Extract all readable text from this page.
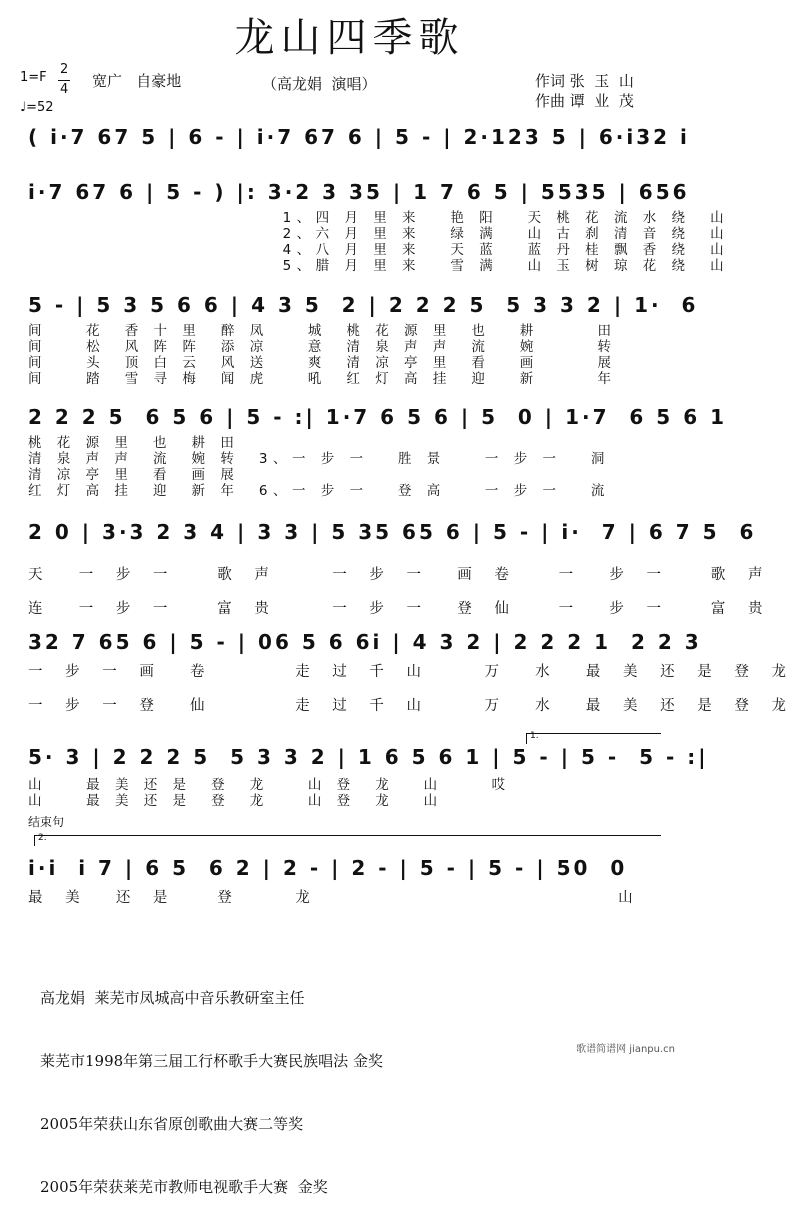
龙山四季歌
1=F
2
4
♩=52
宽广   自豪地	（高龙娟  演唱）	作词 张  玉  山
作曲 谭  业  茂
( i·7 67 5 | 6 - | i·7 67 6 | 5 - | 2·123 5 | 6·i32 i
i·7 67 6 | 5 - ) |: 3·2 3 35 | 1 7 6 5 | 5535 | 656
1、四 月 里 来   艳 阳   天 桃 花 流 水 绕  山
2、六 月 里 来   绿 满   山 古 刹 清 音 绕  山
4、八 月 里 来   天 蓝   蓝 丹 桂 飘 香 绕  山
5、腊 月 里 来   雪 满   山 玉 树 琼 花 绕  山
5 - | 5 3 5 6 6 | 4 3 5  2 | 2 2 2 5  5 3 3 2 | 1·  6
间    花  香 十 里  醉 凤    城  桃 花 源 里  也   耕      田
间    松  风 阵 阵  添 凉    意  清 泉 声 声  流   婉      转
间    头  顶 白 云  风 送    爽  清 凉 亭 里  看   画      展
间    踏  雪 寻 梅  闻 虎    吼  红 灯 高 挂  迎   新      年
2 2 2 5  6 5 6 | 5 - :| 1·7 6 5 6 | 5  0 | 1·7  6 5 6 1
桃 花 源 里  也  耕 田
清 泉 声 声  流  婉 转  3、一 步 一   胜 景    一 步 一   洞
清 凉 亭 里  看  画 展
红 灯 高 挂  迎  新 年  6、一 步 一   登 高    一 步 一   流
2 0 | 3·3 2 3 4 | 3 3 | 5 35 65 6 | 5 - | i·  7 | 6 7 5  6
天  一 步 一   歌 声    一 步 一  画 卷   一  步 一   歌 声
连  一 步 一   富 贵    一 步 一  登 仙   一  步 一   富 贵
32 7 65 6 | 5 - | 06 5 6 6i | 4 3 2 | 2 2 2 1  2 2 3
一 步 一 画  卷      走 过 千 山    万  水  最 美 还 是 登 龙
一 步 一 登  仙      走 过 千 山    万  水  最 美 还 是 登 龙
1.
5· 3 | 2 2 2 5  5 3 3 2 | 1 6 5 6 1 | 5 - | 5 -  5 - :|
山    最 美 还 是  登  龙    山 登  龙   山     哎
山    最 美 还 是  登  龙    山 登  龙   山
结束句
2.
i·i  i 7 | 6 5  6 2 | 2 - | 2 - | 5 - | 5 - | 50  0
最 美  还 是   登    龙                      山

高龙娟  莱芜市凤城高中音乐教研室主任

莱芜市1998年第三届工行杯歌手大赛民族唱法 金奖

2005年荣获山东省原创歌曲大赛二等奖

2005年荣获莱芜市教师电视歌手大赛  金奖

歌谱简谱网 jianpu.cn
